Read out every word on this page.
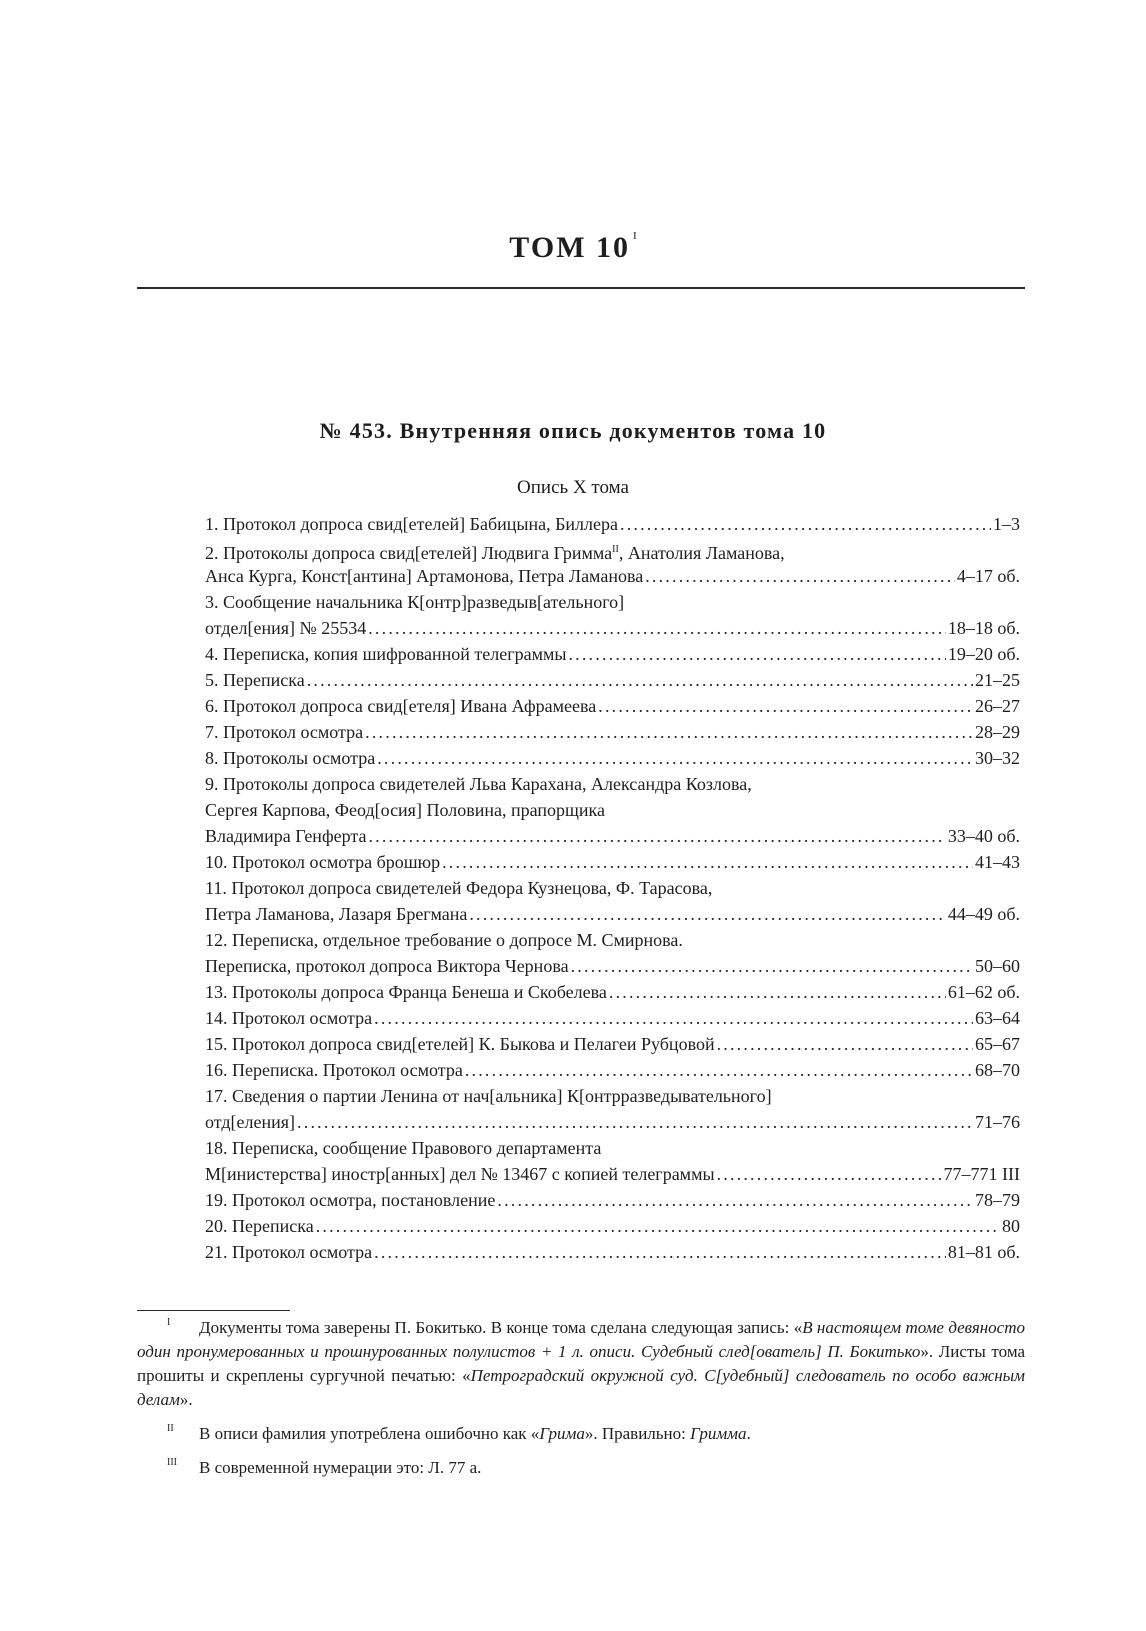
ТОМ 10 $^I$
№ 453. Внутренняя опись документов тома 10
Опись X тома
1. Протокол допроса свид[етелей] Бабицына, Биллера .....	1–3
2. Протоколы допроса свид[етелей] Людвига Гримма$^{II}$, Анатолия Ламанова,
Анса Курга, Конст[антина] Артамонова, Петра Ламанова .....	4–17 об.
3. Сообщение начальника К[онтр]разведыв[ательного]
отдел[ения] № 25534 .....	18–18 об.
4. Переписка, копия шифрованной телеграммы .....	19–20 об.
5. Переписка .....	21–25
6. Протокол допроса свид[етеля] Ивана Афрамеева .....	26–27
7. Протокол осмотра .....	28–29
8. Протоколы осмотра .....	30–32
9. Протоколы допроса свидетелей Льва Карахана, Александра Козлова,
Сергея Карпова, Феод[осия] Половина, прапорщика
Владимира Генферта .....	33–40 об.
10. Протокол осмотра брошюр .....	41–43
11. Протокол допроса свидетелей Федора Кузнецова, Ф. Тарасова,
Петра Ламанова, Лазаря Брегмана .....	44–49 об.
12. Переписка, отдельное требование о допросе М. Смирнова.
Переписка, протокол допроса Виктора Чернова .....	50–60
13. Протоколы допроса Франца Бенеша и Скобелева .....	61–62 об.
14. Протокол осмотра .....	63–64
15. Протокол допроса свид[етелей] К. Быкова и Пелагеи Рубцовой .....	65–67
16. Переписка. Протокол осмотра .....	68–70
17. Сведения о партии Ленина от нач[альника] К[онтрразведывательного]
отд[еления] .....	71–76
18. Переписка, сообщение Правового департамента
М[инистерства] иностр[анных] дел № 13467 с копией телеграммы .....	77–771 III
19. Протокол осмотра, постановление .....	78–79
20. Переписка .....	80
21. Протокол осмотра .....	81–81 об.
I	Документы тома заверены П. Бокитько. В конце тома сделана следующая запись: «В настоящем томе девяносто один пронумерованных и прошнурованных полулистов + 1 л. описи. Судебный след[ователь] П. Бокитько». Листы тома прошиты и скреплены сургучной печатью: «Петроградский окружной суд. С[удебный] следователь по особо важным делам».
II	В описи фамилия употреблена ошибочно как «Грима». Правильно: Гримма.
III	В современной нумерации это: Л. 77 а.
